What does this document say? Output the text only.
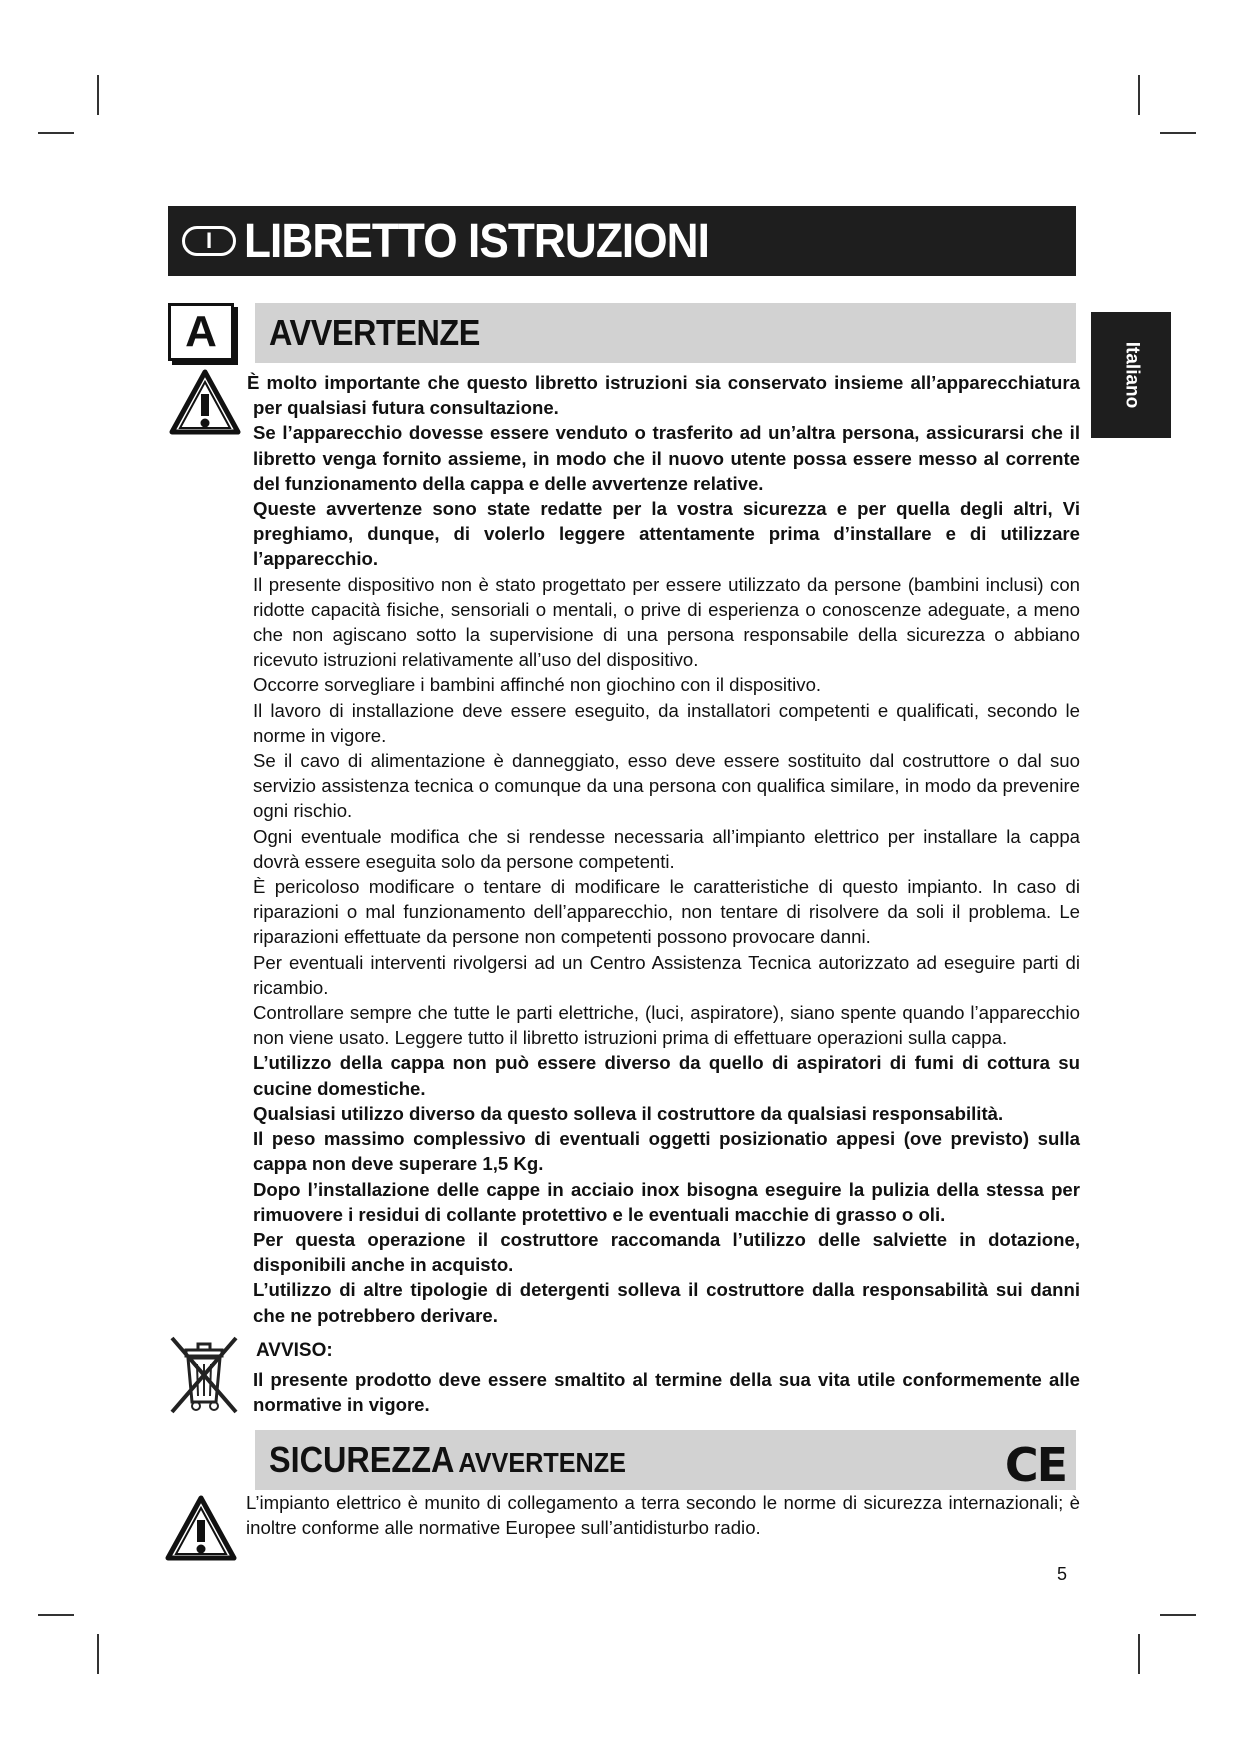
I LIBRETTO ISTRUZIONI
Italiano
A	AVVERTENZE

È molto importante che questo libretto istruzioni sia conservato insieme all’apparecchiatura per qualsiasi futura consultazione.

Se l’apparecchio dovesse essere venduto o trasferito ad un’altra persona, assicurarsi che il libretto venga fornito assieme, in modo che il nuovo utente possa essere messo al corrente del funzionamento della cappa e delle avvertenze relative.

Queste avvertenze sono state redatte per la vostra sicurezza e per quella degli altri, Vi preghiamo, dunque, di volerlo leggere attentamente prima d’installare e di utilizzare l’apparecchio.

Il presente dispositivo non è stato progettato per essere utilizzato da persone (bambini inclusi) con ridotte capacità fisiche, sensoriali o mentali, o prive di esperienza o conoscenze adeguate, a meno che non agiscano sotto la supervisione di una persona responsabile della sicurezza o abbiano ricevuto istruzioni relativamente all’uso del dispositivo.

Occorre sorvegliare i bambini affinché non giochino con il dispositivo.

Il lavoro di installazione deve essere eseguito, da installatori competenti e qualificati, secondo le norme in vigore.

Se il cavo di alimentazione è danneggiato, esso deve essere sostituito dal costruttore o dal suo servizio assistenza tecnica o comunque da una persona con qualifica similare, in modo da prevenire ogni rischio.

Ogni eventuale modifica che si rendesse necessaria all’impianto elettrico per installare la cappa dovrà essere eseguita solo da persone competenti.

È pericoloso modificare o tentare di modificare le caratteristiche di questo impianto. In caso di riparazioni o mal funzionamento dell’apparecchio, non tentare di risolvere da soli il problema. Le riparazioni effettuate da persone non competenti possono provocare danni.

Per eventuali interventi rivolgersi ad un Centro Assistenza Tecnica autorizzato ad eseguire parti di ricambio.

Controllare sempre che tutte le parti elettriche, (luci, aspiratore), siano spente quando l’apparecchio non viene usato. Leggere tutto il libretto istruzioni prima di effettuare operazioni sulla cappa.

L’utilizzo della cappa non può essere diverso da quello di aspiratori di fumi di cottura su cucine domestiche.

Qualsiasi utilizzo diverso da questo solleva il costruttore da qualsiasi responsabilità.

Il peso massimo complessivo di eventuali oggetti posizionatio appesi (ove previsto) sulla cappa non deve superare 1,5 Kg.

Dopo l’installazione delle cappe in acciaio inox bisogna eseguire la pulizia della stessa per rimuovere i residui di collante protettivo e le eventuali macchie di grasso o oli.

Per questa operazione il costruttore raccomanda l’utilizzo delle salviette in dotazione, disponibili anche in acquisto.

L’utilizzo di altre tipologie di detergenti solleva il costruttore dalla responsabilità sui danni che ne potrebbero derivare.

AVVISO:
Il presente prodotto deve essere smaltito al termine della sua vita utile conformemente alle normative in vigore.
SICUREZZA AVVERTENZE	CE
L’impianto elettrico è munito di collegamento a terra secondo le norme di sicurezza internazionali; è inoltre conforme alle normative Europee sull’antidisturbo radio.
5
